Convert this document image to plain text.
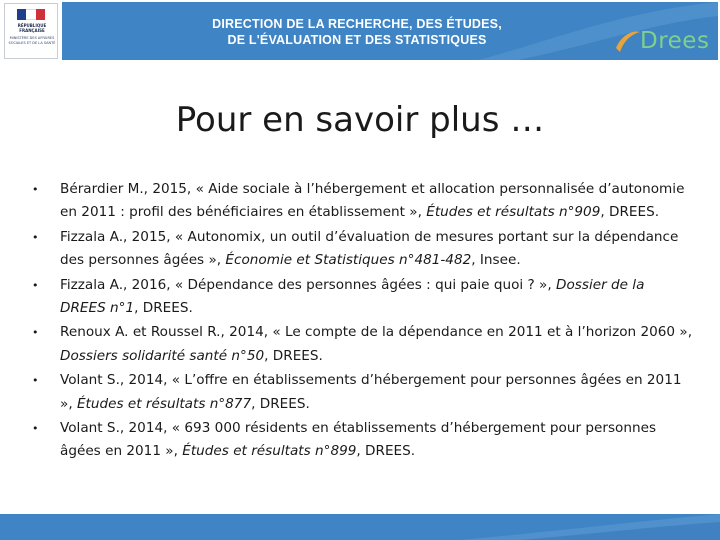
RÉPUBLIQUE FRANÇAISE
MINISTÈRE DES AFFAIRES SOCIALES ET DE LA SANTÉ
DIRECTION DE LA RECHERCHE, DES ÉTUDES,
DE L'ÉVALUATION ET DES STATISTIQUES	Drees
Pour en savoir plus …
• Bérardier M., 2015, « Aide sociale à l’hébergement et allocation personnalisée d’autonomie en 2011 : profil des bénéficiaires en établissement », Études et résultats n°909, DREES.
• Fizzala A., 2015, « Autonomix, un outil d’évaluation de mesures portant sur la dépendance des personnes âgées », Économie et Statistiques n°481-482, Insee.
• Fizzala A., 2016, « Dépendance des personnes âgées : qui paie quoi ? », Dossier de la DREES n°1, DREES.
• Renoux A. et Roussel R., 2014, « Le compte de la dépendance en 2011 et à l’horizon 2060 », Dossiers solidarité santé n°50, DREES.
• Volant S., 2014, « L’offre en établissements d’hébergement pour personnes âgées en 2011 », Études et résultats n°877, DREES.
• Volant S., 2014, « 693 000 résidents en établissements d’hébergement pour personnes âgées en 2011 », Études et résultats n°899, DREES.
